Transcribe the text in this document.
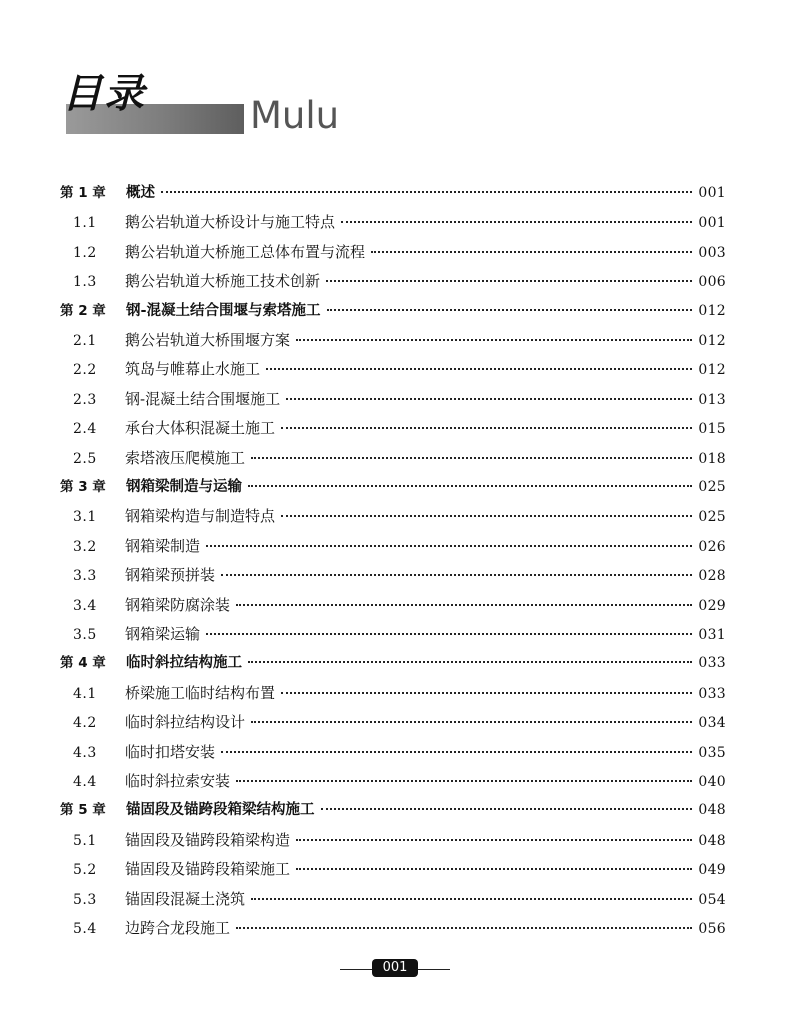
目录	Mulu
第 1 章	概述	001
1.1	鹅公岩轨道大桥设计与施工特点	001
1.2	鹅公岩轨道大桥施工总体布置与流程	003
1.3	鹅公岩轨道大桥施工技术创新	006
第 2 章	钢-混凝土结合围堰与索塔施工	012
2.1	鹅公岩轨道大桥围堰方案	012
2.2	筑岛与帷幕止水施工	012
2.3	钢-混凝土结合围堰施工	013
2.4	承台大体积混凝土施工	015
2.5	索塔液压爬模施工	018
第 3 章	钢箱梁制造与运输	025
3.1	钢箱梁构造与制造特点	025
3.2	钢箱梁制造	026
3.3	钢箱梁预拼装	028
3.4	钢箱梁防腐涂装	029
3.5	钢箱梁运输	031
第 4 章	临时斜拉结构施工	033
4.1	桥梁施工临时结构布置	033
4.2	临时斜拉结构设计	034
4.3	临时扣塔安装	035
4.4	临时斜拉索安装	040
第 5 章	锚固段及锚跨段箱梁结构施工	048
5.1	锚固段及锚跨段箱梁构造	048
5.2	锚固段及锚跨段箱梁施工	049
5.3	锚固段混凝土浇筑	054
5.4	边跨合龙段施工	056
001
